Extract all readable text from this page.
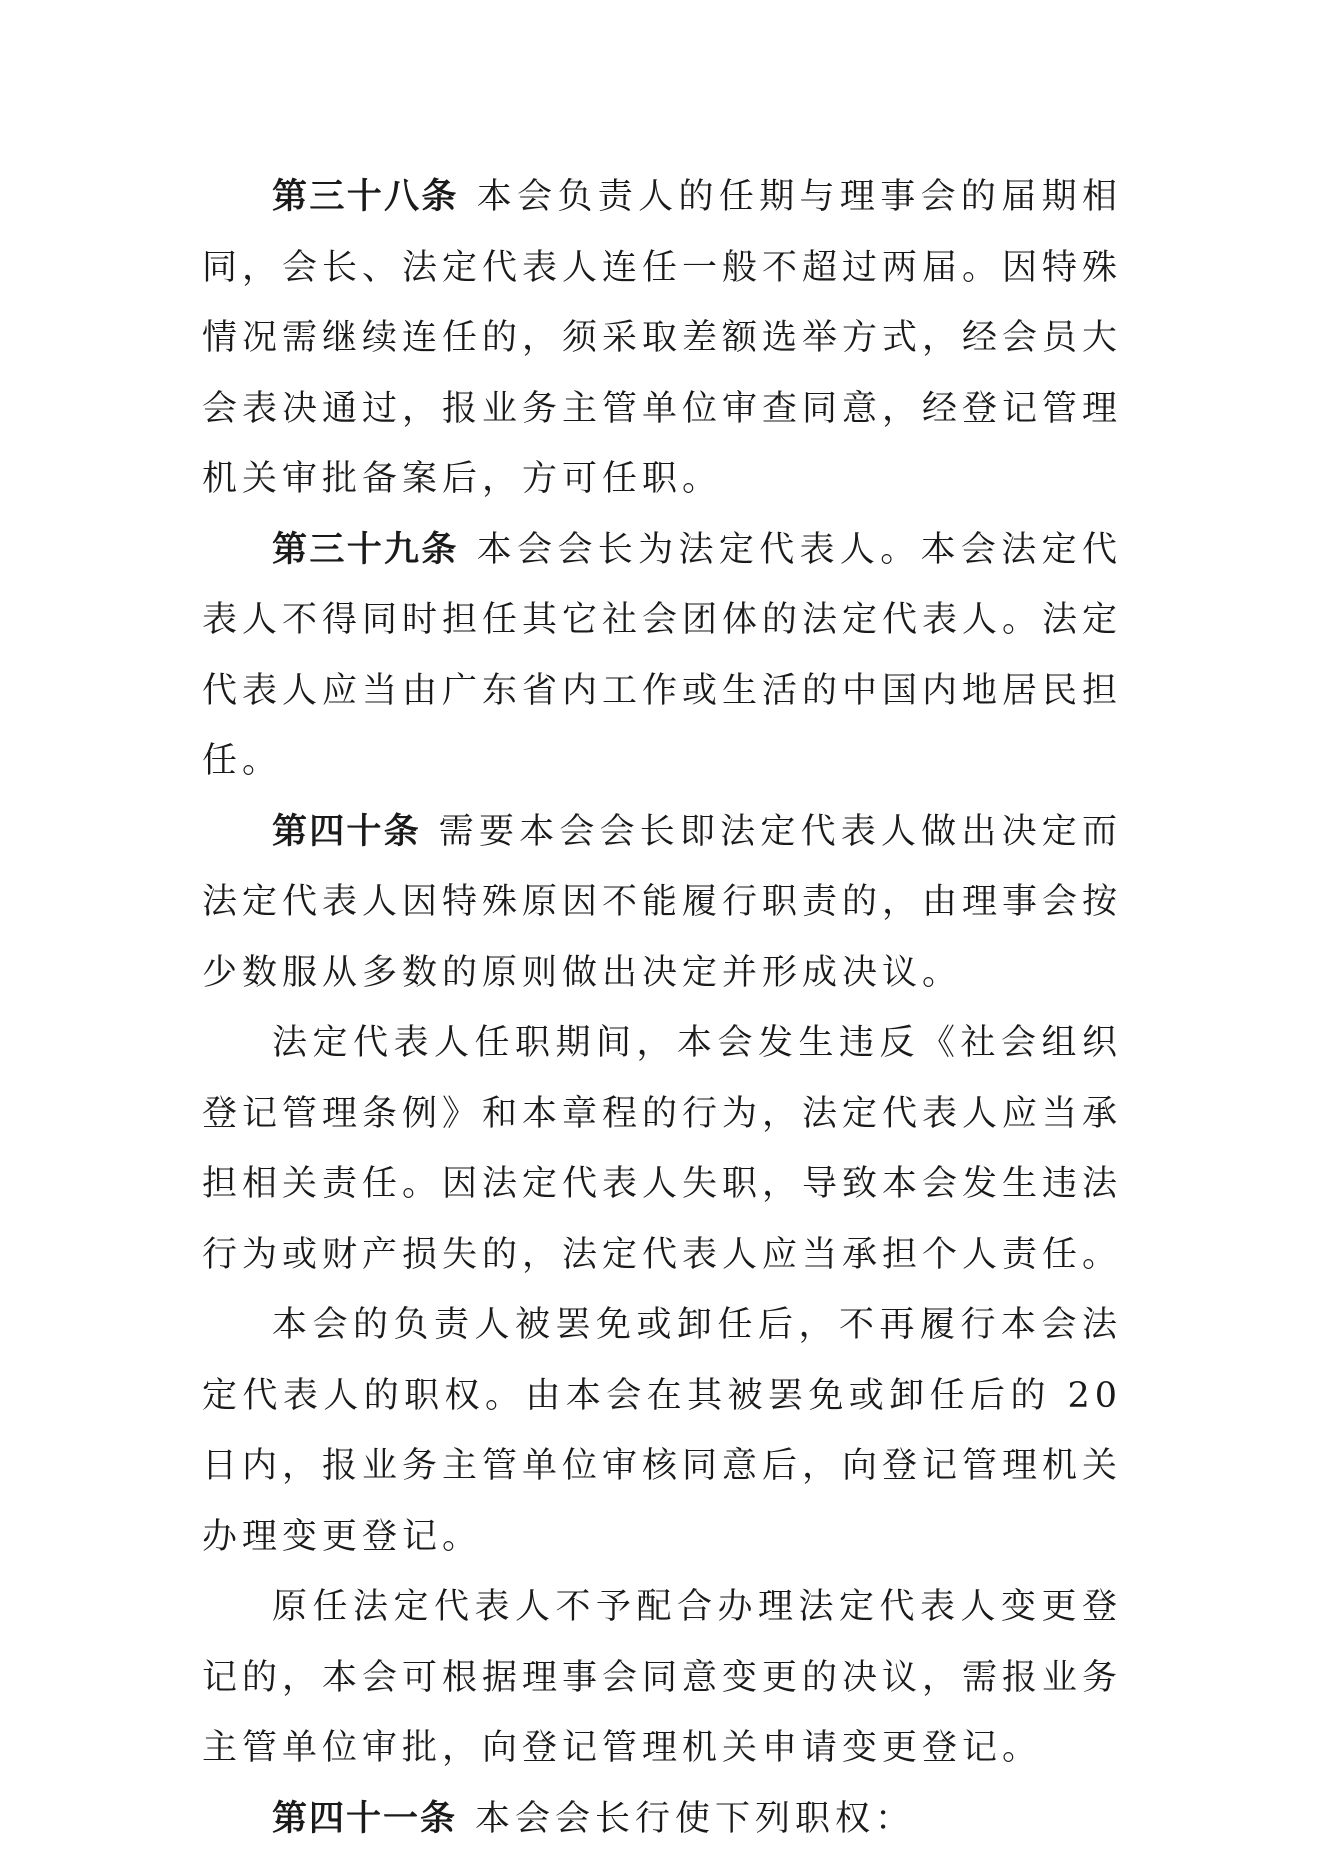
第三十八条 本会负责人的任期与理事会的届期相同，会长、法定代表人连任一般不超过两届。因特殊情况需继续连任的，须采取差额选举方式，经会员大会表决通过，报业务主管单位审查同意，经登记管理机关审批备案后，方可任职。

第三十九条 本会会长为法定代表人。本会法定代表人不得同时担任其它社会团体的法定代表人。法定代表人应当由广东省内工作或生活的中国内地居民担任。

第四十条 需要本会会长即法定代表人做出决定而法定代表人因特殊原因不能履行职责的，由理事会按少数服从多数的原则做出决定并形成决议。

法定代表人任职期间，本会发生违反《社会组织登记管理条例》和本章程的行为，法定代表人应当承担相关责任。因法定代表人失职，导致本会发生违法行为或财产损失的，法定代表人应当承担个人责任。

本会的负责人被罢免或卸任后，不再履行本会法定代表人的职权。由本会在其被罢免或卸任后的 20 日内，报业务主管单位审核同意后，向登记管理机关办理变更登记。

原任法定代表人不予配合办理法定代表人变更登记的，本会可根据理事会同意变更的决议，需报业务主管单位审批，向登记管理机关申请变更登记。

第四十一条 本会会长行使下列职权：
